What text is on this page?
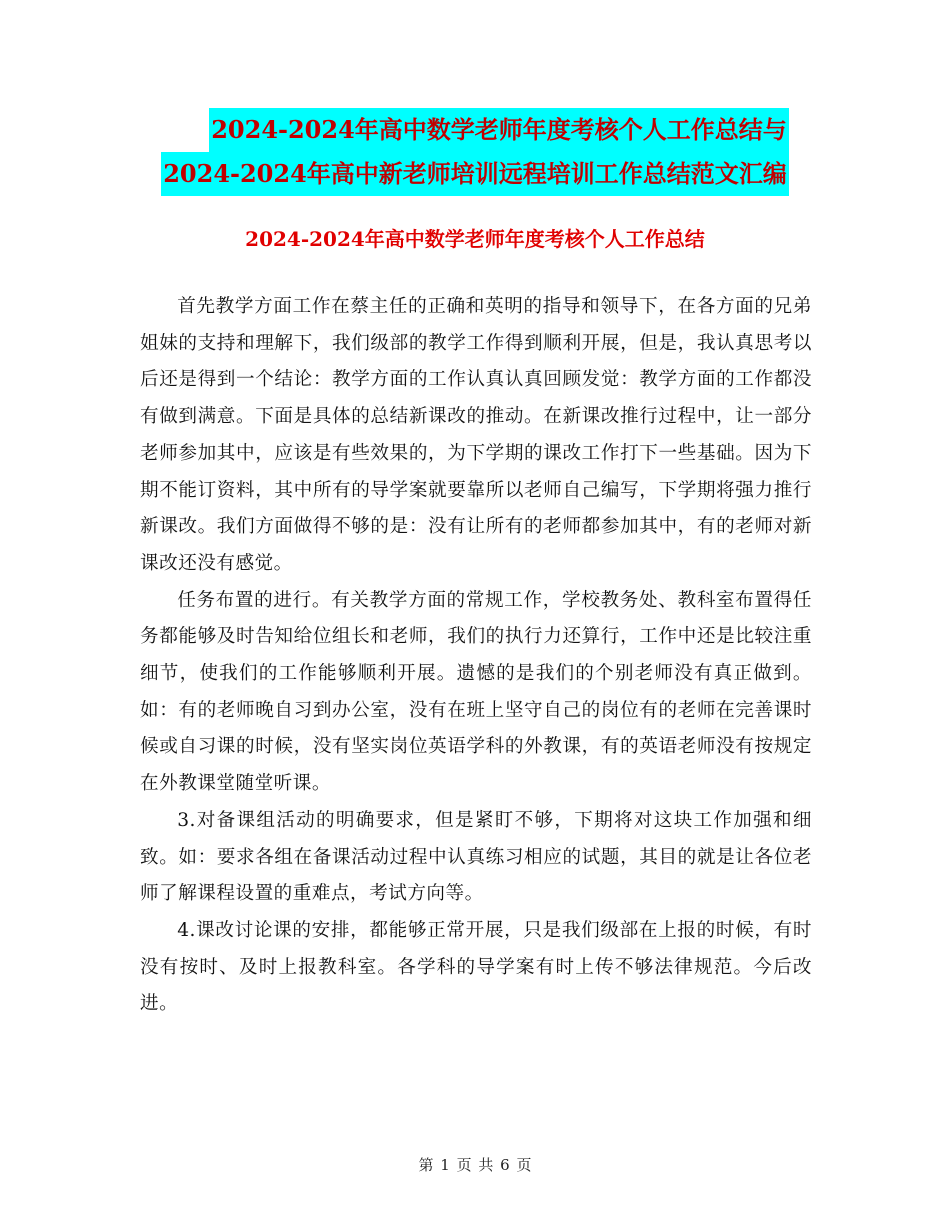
2024-2024年高中数学老师年度考核个人工作总结与
2024-2024年高中新老师培训远程培训工作总结范文汇编
2024-2024年高中数学老师年度考核个人工作总结

首先教学方面工作在蔡主任的正确和英明的指导和领导下，在各方面的兄弟姐妹的支持和理解下，我们级部的教学工作得到顺利开展，但是，我认真思考以后还是得到一个结论：教学方面的工作认真认真回顾发觉：教学方面的工作都没有做到满意。下面是具体的总结新课改的推动。在新课改推行过程中，让一部分老师参加其中，应该是有些效果的，为下学期的课改工作打下一些基础。因为下期不能订资料，其中所有的导学案就要靠所以老师自己编写，下学期将强力推行新课改。我们方面做得不够的是：没有让所有的老师都参加其中，有的老师对新课改还没有感觉。

任务布置的进行。有关教学方面的常规工作，学校教务处、教科室布置得任务都能够及时告知给位组长和老师，我们的执行力还算行，工作中还是比较注重细节，使我们的工作能够顺利开展。遗憾的是我们的个别老师没有真正做到。如：有的老师晚自习到办公室，没有在班上坚守自己的岗位有的老师在完善课时候或自习课的时候，没有坚实岗位英语学科的外教课，有的英语老师没有按规定在外教课堂随堂听课。

3.对备课组活动的明确要求，但是紧盯不够，下期将对这块工作加强和细致。如：要求各组在备课活动过程中认真练习相应的试题，其目的就是让各位老师了解课程设置的重难点，考试方向等。

4.课改讨论课的安排，都能够正常开展，只是我们级部在上报的时候，有时没有按时、及时上报教科室。各学科的导学案有时上传不够法律规范。今后改进。

第 1 页 共 6 页
